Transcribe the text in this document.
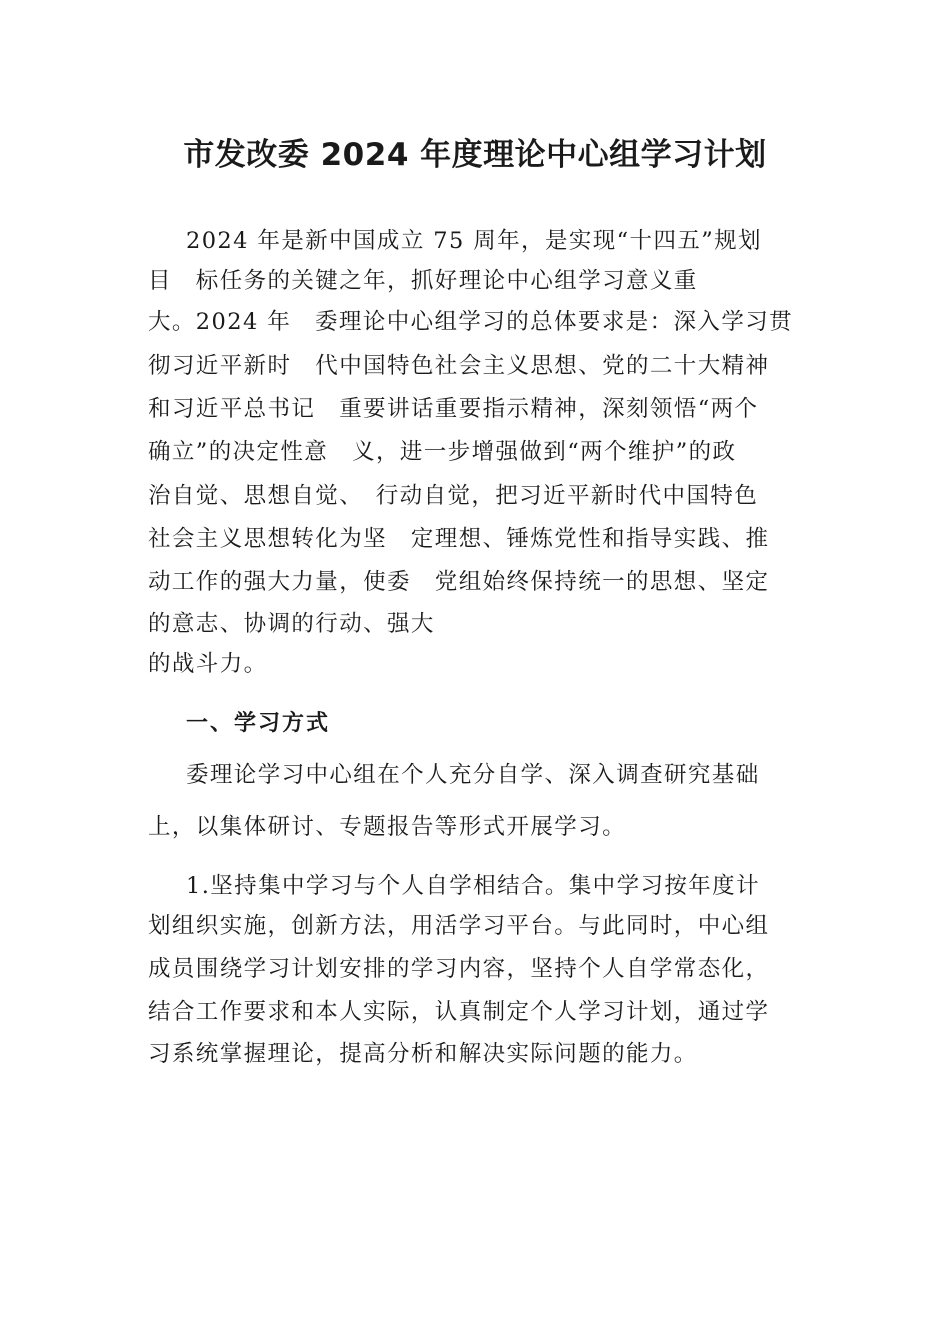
市发改委 2024 年度理论中心组学习计划
2024 年是新中国成立 75 周年，是实现“十四五”规划
目　标任务的关键之年，抓好理论中心组学习意义重
大。2024 年　委理论中心组学习的总体要求是：深入学习贯
彻习近平新时　代中国特色社会主义思想、党的二十大精神
和习近平总书记　重要讲话重要指示精神，深刻领悟“两个
确立”的决定性意　义，进一步增强做到“两个维护”的政
治自觉、思想自觉、　行动自觉，把习近平新时代中国特色
社会主义思想转化为坚　定理想、锤炼党性和指导实践、推
动工作的强大力量，使委　党组始终保持统一的思想、坚定
的意志、协调的行动、强大
的战斗力。
一、学习方式
委理论学习中心组在个人充分自学、深入调查研究基础
上，以集体研讨、专题报告等形式开展学习。
1.坚持集中学习与个人自学相结合。集中学习按年度计
划组织实施，创新方法，用活学习平台。与此同时，中心组
成员围绕学习计划安排的学习内容，坚持个人自学常态化，
结合工作要求和本人实际，认真制定个人学习计划，通过学
习系统掌握理论，提高分析和解决实际问题的能力。
